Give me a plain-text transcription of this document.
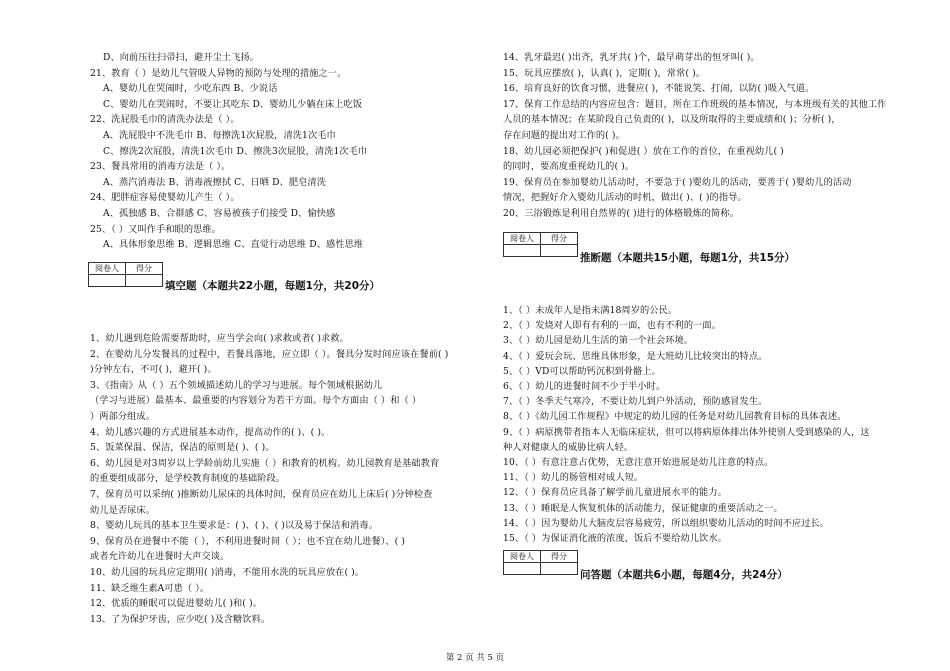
D、向前压往扫帚扫，避开尘土飞扬。
21、教育（ ）是幼儿气管吸人异物的预防与处理的措施之一。
A、婴幼儿在哭闹时，少吃东西 B、少说话
C、婴幼儿在哭闹时，不要让其吃东 D、婴幼儿少躺在床上吃饭
22、洗屁股毛巾的清洗办法是（ ）。
A、洗屁股中不洗毛巾 B、每擦洗1次屁股，清洗1次毛巾
C、擦洗2次屁股，清洗1次毛巾 D、擦洗3次屁股，清洗1次毛巾
23、餐具常用的消毒方法是（ ）。
A、蒸汽消毒法 B、消毒液擦拭 C、日晒 D、肥皂清洗
24、肥胖症容易使婴幼儿产生（ ）。
A、孤独感 B、合群感 C、容易被孩子们接受 D、愉快感
25、（ ）又叫作手和眼的思维。
A、具体形象思维 B、逻辑思维 C、直觉行动思维 D、感性思维
阅卷人	得分

填空题（本题共22小题，每题1分，共20分）
1、幼儿遇到危险需要帮助时，应当学会向( )求救或者( )求救。
2、在婴幼儿分发餐具的过程中，若餐具落地，应立即（ ）。餐具分发时间应该在餐前( )
)分钟左右，不可( )，避开( )。
3、《指南》从（ ）五个领域描述幼儿的学习与进展。每个领域根据幼儿
（学习与进展）最基本、最重要的内容划分为若干方面。每个方面由（ ）和（ ）
）两部分组成。
4、幼儿感兴趣的方式进展基本动作，提高动作的( )、( )。
5、饭菜保温、保洁，保洁的原则是( )、( )。
6、幼儿园是对3周岁以上学龄前幼儿实施（ ）和教育的机构。幼儿园教育是基础教育
的重要组成部分，是学校教育制度的基础阶段。
7、保育员可以采纳( )推断幼儿尿床的具体时间，保育员应在幼儿上床后( )分钟检查
幼儿是否尿床。
8、婴幼儿玩具的基本卫生要求是：( )、( )、( )以及易于保洁和消毒。
9、保育员在进餐中不能（ ），不利用进餐时间（ ）；也不宜在幼儿进餐）、( )
或者允许幼儿在进餐时大声交谈。
10、幼儿园的玩具应定期用( )消毒，不能用水洗的玩具应放在( )。
11、缺乏维生素A可患（ ）。
12、优质的睡眠可以促进婴幼儿( )和( )。
13、了为保护牙齿，应少吃( )及含糖饮料。
14、乳牙最迟( )出齐，乳牙共( )个，最早萌芽出的恒牙叫( )。
15、玩具应摆放( )，认真( )，定期( )，常常( )。
16、培育良好的饮食习惯，进餐应( )，不能说笑、打闹，以防( )吸入气道。
17、保育工作总结的内容应包含：题目，所在工作班级的基本情况，与本班级有关的其他工作
人员的基本情况；在某阶段自己负责的( )，以及所取得的主要成绩和( )；分析( )，
存在问题的提出对工作的( )。
18、幼儿园必须把保护( )和促进( ）放在工作的首位，在重视幼儿( )
的同时，要高度重视幼儿的( )。
19、保育员在参加婴幼儿活动时，不要急于( )婴幼儿的活动，要善于( )婴幼儿的活动
情况，把握好介入婴幼儿活动的时机，做出( )、( )的指导。
20、三浴锻炼是利用自然界的( )进行的体格锻炼的简称。
阅卷人	得分

推断题（本题共15小题，每题1分，共15分）
1、（ ）未成年人是指未满18周岁的公民。
2、（ ）发烧对人即有有利的一面，也有不利的一面。
3、（ ）幼儿园是幼儿生活的第一个社会环境。
4、（ ）爱玩会玩、思维具体形象，是大班幼儿比较突出的特点。
5、（ ）VD可以帮助钙沉积到骨骼上。
6、（ ）幼儿的进餐时间不少于半小时。
7、（ ）冬季天气寒冷，不要让幼儿到户外活动，预防感冒发生。
8、（ ）《幼儿园工作规程》中规定的幼儿园的任务是对幼儿园教育目标的具体表述。
9、（ ）病原携带者指本人无临床症状，但可以将病原体排出体外使别人受到感染的人，这
种人对健康人的威胁比病人轻。
10、（ ）有意注意占优势，无意注意开始进展是幼儿注意的特点。
11、（ ）幼儿的肠管相对成人短。
12、（ ）保育员应具备了解学前儿童进展水平的能力。
13、（ ）睡眠是人恢复机体的活动能力，保证健康的重要活动之一。
14、（ ）因为婴幼儿大脑皮层容易疲劳，所以组织婴幼儿活动的时间不应过长。
15、（ ）为保证消化液的浓度，饭后不要给幼儿饮水。
阅卷人	得分

问答题（本题共6小题，每题4分，共24分）
第 2 页 共 5 页
